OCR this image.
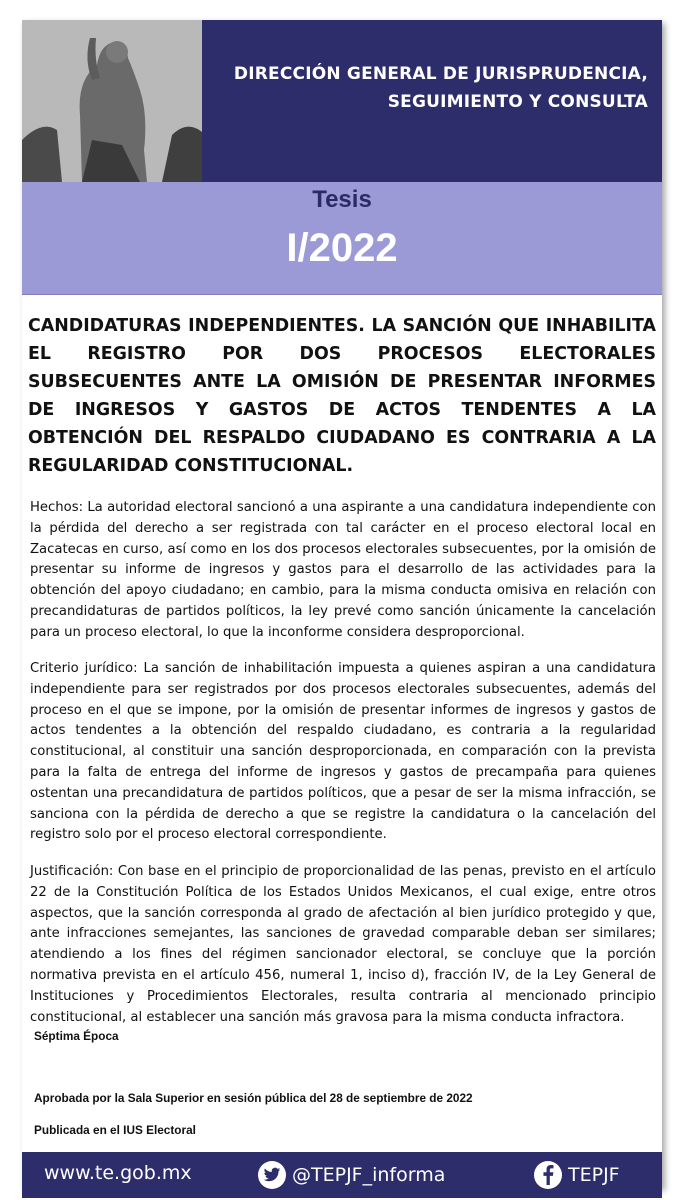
DIRECCIÓN GENERAL DE JURISPRUDENCIA,
SEGUIMIENTO Y CONSULTA
Tesis
I/2022
CANDIDATURAS INDEPENDIENTES. LA SANCIÓN QUE INHABILITA EL REGISTRO POR DOS PROCESOS ELECTORALES SUBSECUENTES ANTE LA OMISIÓN DE PRESENTAR INFORMES DE INGRESOS Y GASTOS DE ACTOS TENDENTES A LA OBTENCIÓN DEL RESPALDO CIUDADANO ES CONTRARIA A LA REGULARIDAD CONSTITUCIONAL.

Hechos: La autoridad electoral sancionó a una aspirante a una candidatura independiente con la pérdida del derecho a ser registrada con tal carácter en el proceso electoral local en Zacatecas en curso, así como en los dos procesos electorales subsecuentes, por la omisión de presentar su informe de ingresos y gastos para el desarrollo de las actividades para la obtención del apoyo ciudadano; en cambio, para la misma conducta omisiva en relación con precandidaturas de partidos políticos, la ley prevé como sanción únicamente la cancelación para un proceso electoral, lo que la inconforme considera desproporcional.

Criterio jurídico: La sanción de inhabilitación impuesta a quienes aspiran a una candidatura independiente para ser registrados por dos procesos electorales subsecuentes, además del proceso en el que se impone, por la omisión de presentar informes de ingresos y gastos de actos tendentes a la obtención del respaldo ciudadano, es contraria a la regularidad constitucional, al constituir una sanción desproporcionada, en comparación con la prevista para la falta de entrega del informe de ingresos y gastos de precampaña para quienes ostentan una precandidatura de partidos políticos, que a pesar de ser la misma infracción, se sanciona con la pérdida de derecho a que se registre la candidatura o la cancelación del registro solo por el proceso electoral correspondiente.

Justificación: Con base en el principio de proporcionalidad de las penas, previsto en el artículo 22 de la Constitución Política de los Estados Unidos Mexicanos, el cual exige, entre otros aspectos, que la sanción corresponda al grado de afectación al bien jurídico protegido y que, ante infracciones semejantes, las sanciones de gravedad comparable deban ser similares; atendiendo a los fines del régimen sancionador electoral, se concluye que la porción normativa prevista en el artículo 456, numeral 1, inciso d), fracción IV, de la Ley General de Instituciones y Procedimientos Electorales, resulta contraria al mencionado principio constitucional, al establecer una sanción más gravosa para la misma conducta infractora.

Séptima Época
Aprobada por la Sala Superior en sesión pública del 28 de septiembre de 2022
Publicada en el IUS Electoral
www.te.gob.mx	@TEPJF_informa	TEPJF
